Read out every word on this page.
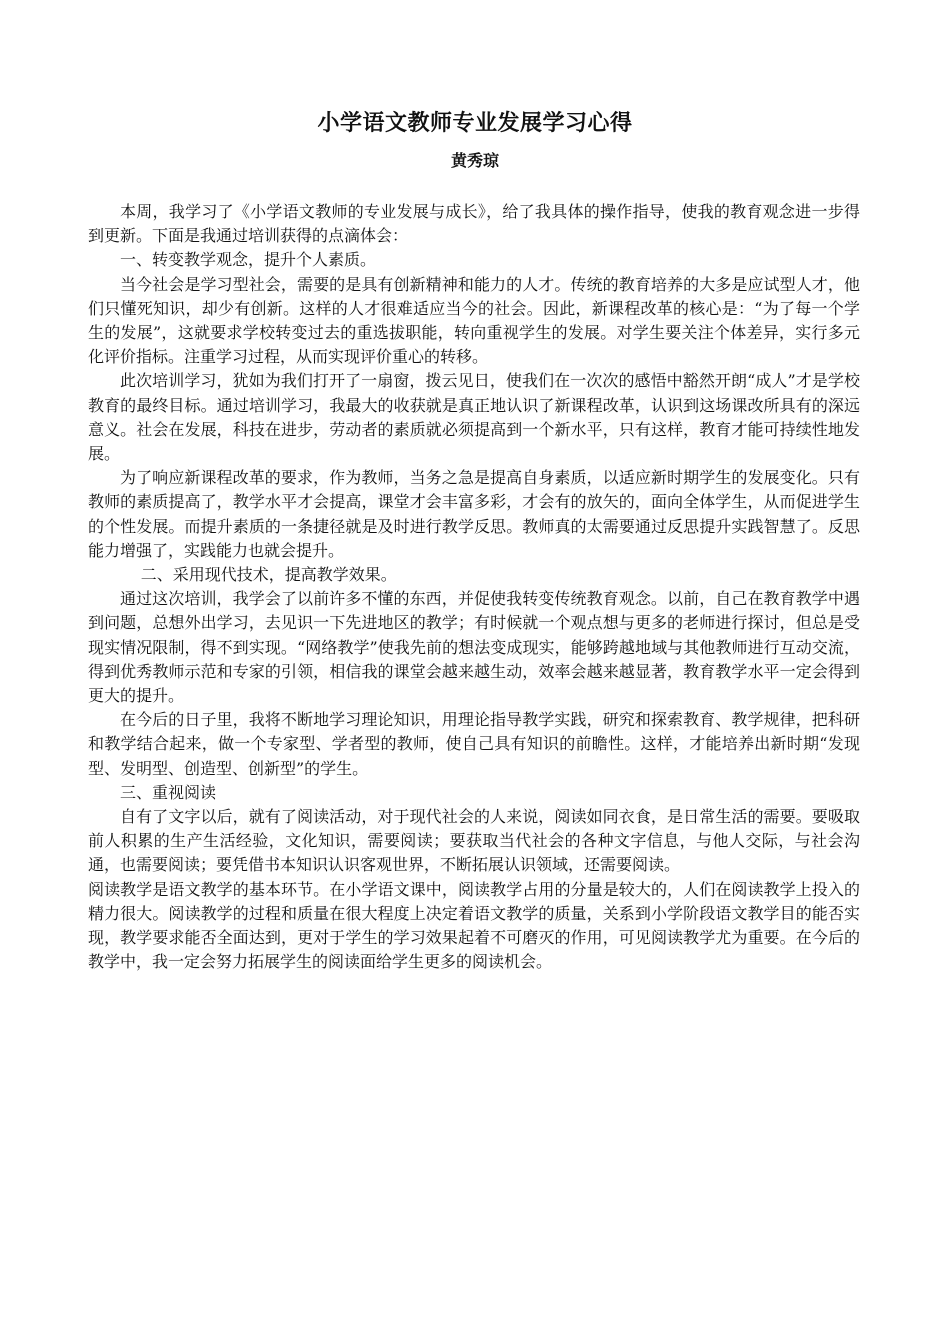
小学语文教师专业发展学习心得
黄秀琼

本周，我学习了《小学语文教师的专业发展与成长》，给了我具体的操作指导，使我的教育观念进一步得到更新。下面是我通过培训获得的点滴体会：

一、转变教学观念，提升个人素质。

当今社会是学习型社会，需要的是具有创新精神和能力的人才。传统的教育培养的大多是应试型人才，他们只懂死知识，却少有创新。这样的人才很难适应当今的社会。因此，新课程改革的核心是：“为了每一个学生的发展”，这就要求学校转变过去的重选拔职能，转向重视学生的发展。对学生要关注个体差异，实行多元化评价指标。注重学习过程，从而实现评价重心的转移。

此次培训学习，犹如为我们打开了一扇窗，拨云见日，使我们在一次次的感悟中豁然开朗“成人”才是学校教育的最终目标。通过培训学习，我最大的收获就是真正地认识了新课程改革，认识到这场课改所具有的深远意义。社会在发展，科技在进步，劳动者的素质就必须提高到一个新水平，只有这样，教育才能可持续性地发展。

为了响应新课程改革的要求，作为教师，当务之急是提高自身素质，以适应新时期学生的发展变化。只有教师的素质提高了，教学水平才会提高，课堂才会丰富多彩，才会有的放矢的，面向全体学生，从而促进学生的个性发展。而提升素质的一条捷径就是及时进行教学反思。教师真的太需要通过反思提升实践智慧了。反思能力增强了，实践能力也就会提升。

二、采用现代技术，提高教学效果。

通过这次培训，我学会了以前许多不懂的东西，并促使我转变传统教育观念。以前，自己在教育教学中遇到问题，总想外出学习，去见识一下先进地区的教学；有时候就一个观点想与更多的老师进行探讨，但总是受现实情况限制，得不到实现。“网络教学”使我先前的想法变成现实，能够跨越地域与其他教师进行互动交流，得到优秀教师示范和专家的引领，相信我的课堂会越来越生动，效率会越来越显著，教育教学水平一定会得到更大的提升。

在今后的日子里，我将不断地学习理论知识，用理论指导教学实践，研究和探索教育、教学规律，把科研和教学结合起来，做一个专家型、学者型的教师，使自己具有知识的前瞻性。这样，才能培养出新时期“发现型、发明型、创造型、创新型”的学生。

三、重视阅读

自有了文字以后，就有了阅读活动，对于现代社会的人来说，阅读如同衣食，是日常生活的需要。要吸取前人积累的生产生活经验，文化知识，需要阅读；要获取当代社会的各种文字信息，与他人交际，与社会沟通，也需要阅读；要凭借书本知识认识客观世界，不断拓展认识领域，还需要阅读。

阅读教学是语文教学的基本环节。在小学语文课中，阅读教学占用的分量是较大的，人们在阅读教学上投入的精力很大。阅读教学的过程和质量在很大程度上决定着语文教学的质量，关系到小学阶段语文教学目的能否实现，教学要求能否全面达到，更对于学生的学习效果起着不可磨灭的作用，可见阅读教学尤为重要。在今后的教学中，我一定会努力拓展学生的阅读面给学生更多的阅读机会。
